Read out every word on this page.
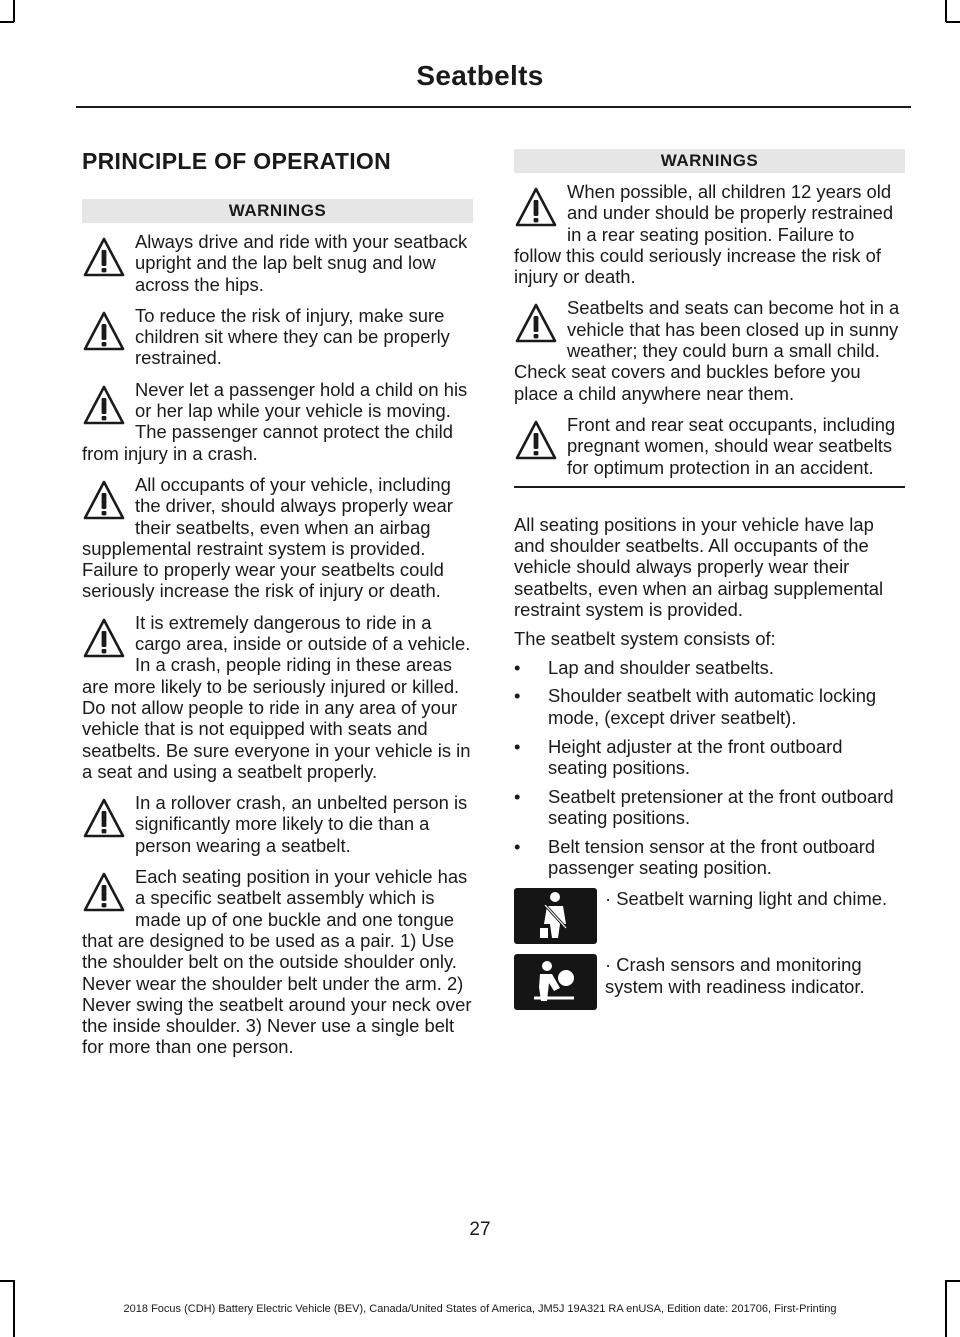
Seatbelts
PRINCIPLE OF OPERATION
WARNINGS
Always drive and ride with your seatback upright and the lap belt snug and low across the hips.
To reduce the risk of injury, make sure children sit where they can be properly restrained.
Never let a passenger hold a child on his or her lap while your vehicle is moving. The passenger cannot protect the child from injury in a crash.
All occupants of your vehicle, including the driver, should always properly wear their seatbelts, even when an airbag supplemental restraint system is provided. Failure to properly wear your seatbelts could seriously increase the risk of injury or death.
It is extremely dangerous to ride in a cargo area, inside or outside of a vehicle. In a crash, people riding in these areas are more likely to be seriously injured or killed. Do not allow people to ride in any area of your vehicle that is not equipped with seats and seatbelts. Be sure everyone in your vehicle is in a seat and using a seatbelt properly.
In a rollover crash, an unbelted person is significantly more likely to die than a person wearing a seatbelt.
Each seating position in your vehicle has a specific seatbelt assembly which is made up of one buckle and one tongue that are designed to be used as a pair. 1) Use the shoulder belt on the outside shoulder only. Never wear the shoulder belt under the arm. 2) Never swing the seatbelt around your neck over the inside shoulder. 3) Never use a single belt for more than one person.
WARNINGS
When possible, all children 12 years old and under should be properly restrained in a rear seating position. Failure to follow this could seriously increase the risk of injury or death.
Seatbelts and seats can become hot in a vehicle that has been closed up in sunny weather; they could burn a small child. Check seat covers and buckles before you place a child anywhere near them.
Front and rear seat occupants, including pregnant women, should wear seatbelts for optimum protection in an accident.

All seating positions in your vehicle have lap and shoulder seatbelts. All occupants of the vehicle should always properly wear their seatbelts, even when an airbag supplemental restraint system is provided.

The seatbelt system consists of:

• Lap and shoulder seatbelts.
• Shoulder seatbelt with automatic locking mode, (except driver seatbelt).
• Height adjuster at the front outboard seating positions.
• Seatbelt pretensioner at the front outboard seating positions.
• Belt tension sensor at the front outboard passenger seating position.
· Seatbelt warning light and chime.
· Crash sensors and monitoring system with readiness indicator.
27
2018 Focus (CDH) Battery Electric Vehicle (BEV), Canada/United States of America, JM5J 19A321 RA enUSA, Edition date: 201706, First-Printing
